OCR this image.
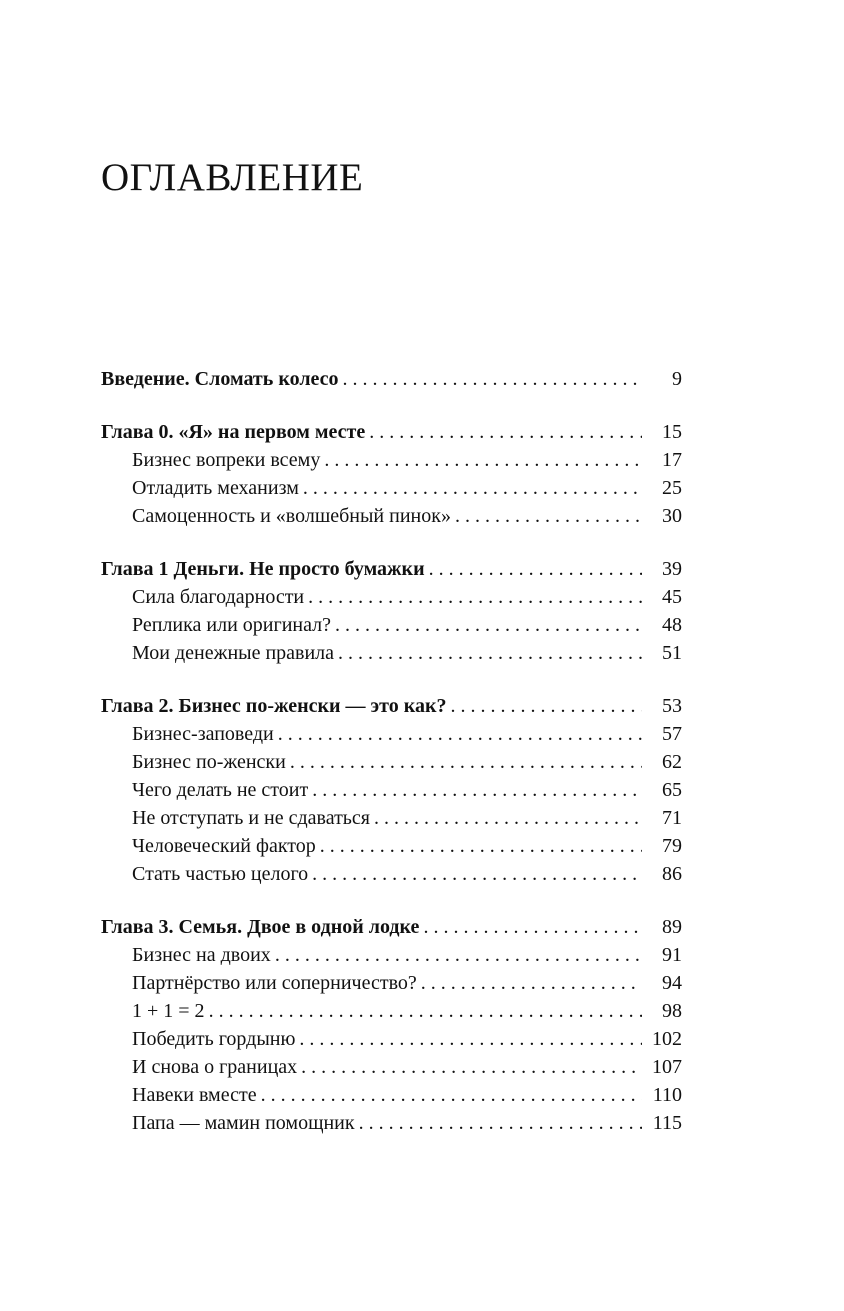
ОГЛАВЛЕНИЕ
Введение. Сломать колесо . . .	9
Глава 0. «Я» на первом месте . . .	15
Бизнес вопреки всему . . .	17
Отладить механизм . . .	25
Самоценность и «волшебный пинок» . . .	30
Глава 1 Деньги. Не просто бумажки . . .	39
Сила благодарности . . .	45
Реплика или оригинал? . . .	48
Мои денежные правила . . .	51
Глава 2. Бизнес по-женски — это как? . . .	53
Бизнес-заповеди . . .	57
Бизнес по-женски . . .	62
Чего делать не стоит . . .	65
Не отступать и не сдаваться . . .	71
Человеческий фактор . . .	79
Стать частью целого . . .	86
Глава 3. Семья. Двое в одной лодке . . .	89
Бизнес на двоих . . .	91
Партнёрство или соперничество? . . .	94
1 + 1 = 2 . . .	98
Победить гордыню . . .	102
И снова о границах . . .	107
Навеки вместе . . .	110
Папа — мамин помощник . . .	115
